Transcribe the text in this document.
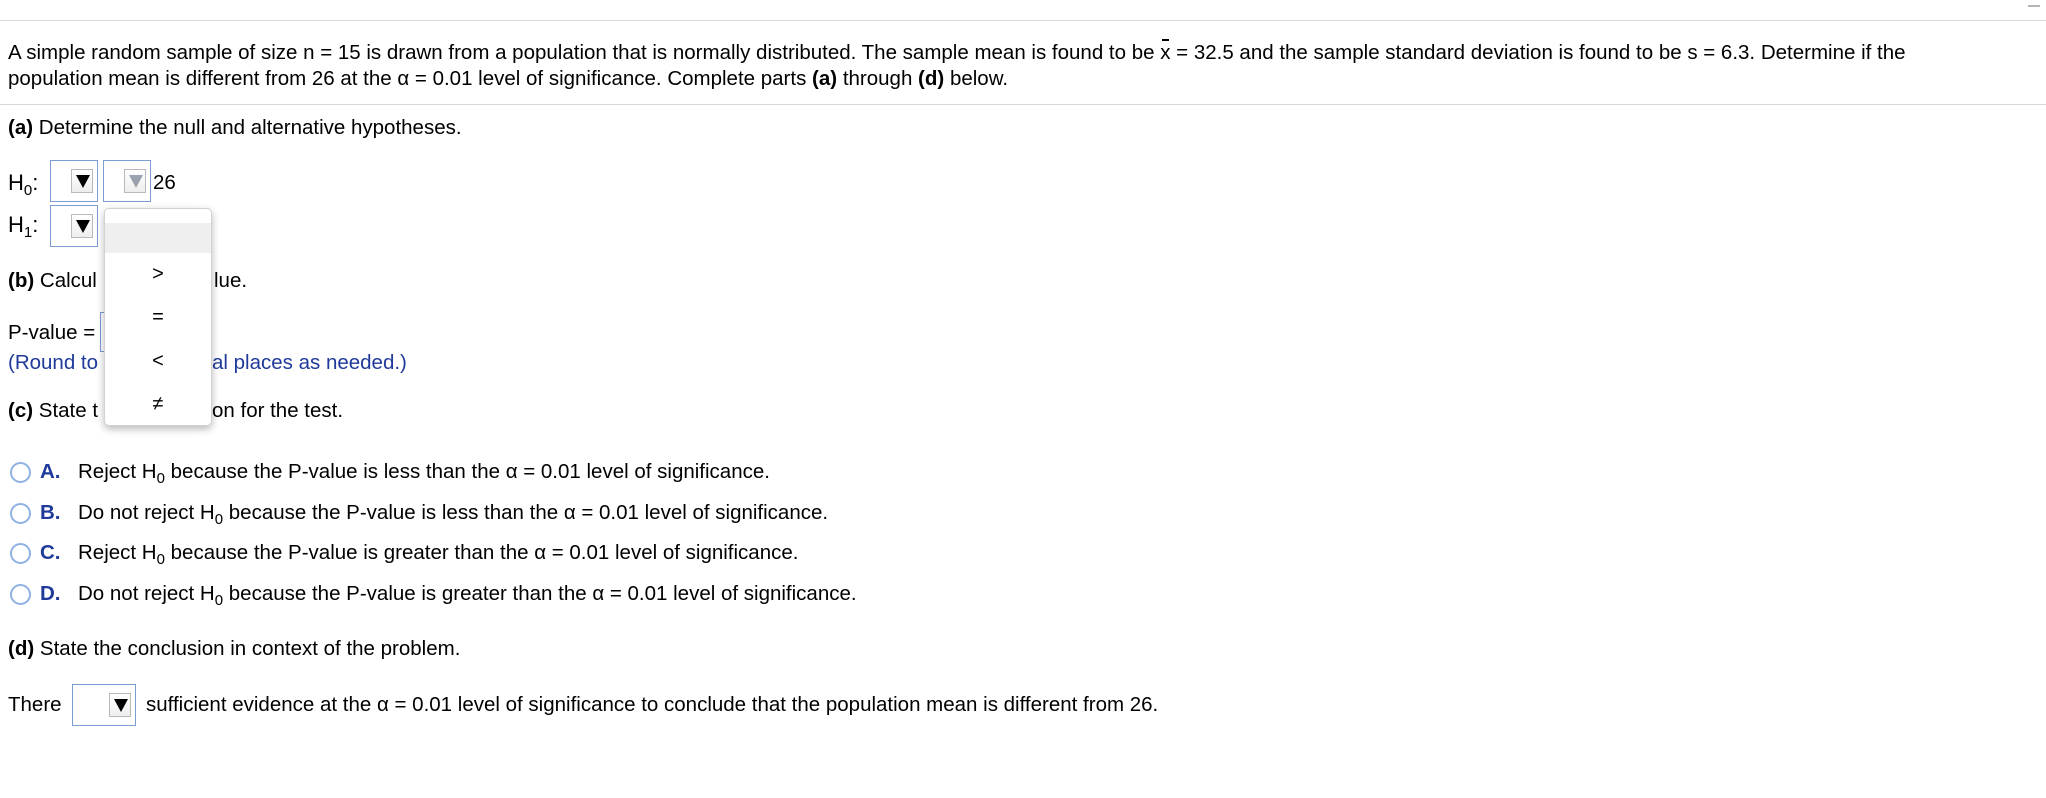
A simple random sample of size n = 15 is drawn from a population that is normally distributed. The sample mean is found to be x = 32.5 and the sample standard deviation is found to be s = 6.3. Determine if the
population mean is different from 26 at the α = 0.01 level of significance. Complete parts (a) through (d) below.
(a) Determine the null and alternative hypotheses.
$H_0$:	26
$H_1$:
(b) Calcul	lue.
P-value =
(Round to	al places as needed.)
(c) State t	on for the test.
A. Reject $H_0$ because the P-value is less than the α = 0.01 level of significance.
B. Do not reject $H_0$ because the P-value is less than the α = 0.01 level of significance.
C. Reject $H_0$ because the P-value is greater than the α = 0.01 level of significance.
D. Do not reject $H_0$ because the P-value is greater than the α = 0.01 level of significance.
(d) State the conclusion in context of the problem.
There	sufficient evidence at the α = 0.01 level of significance to conclude that the population mean is different from 26.
>
=
<
≠
